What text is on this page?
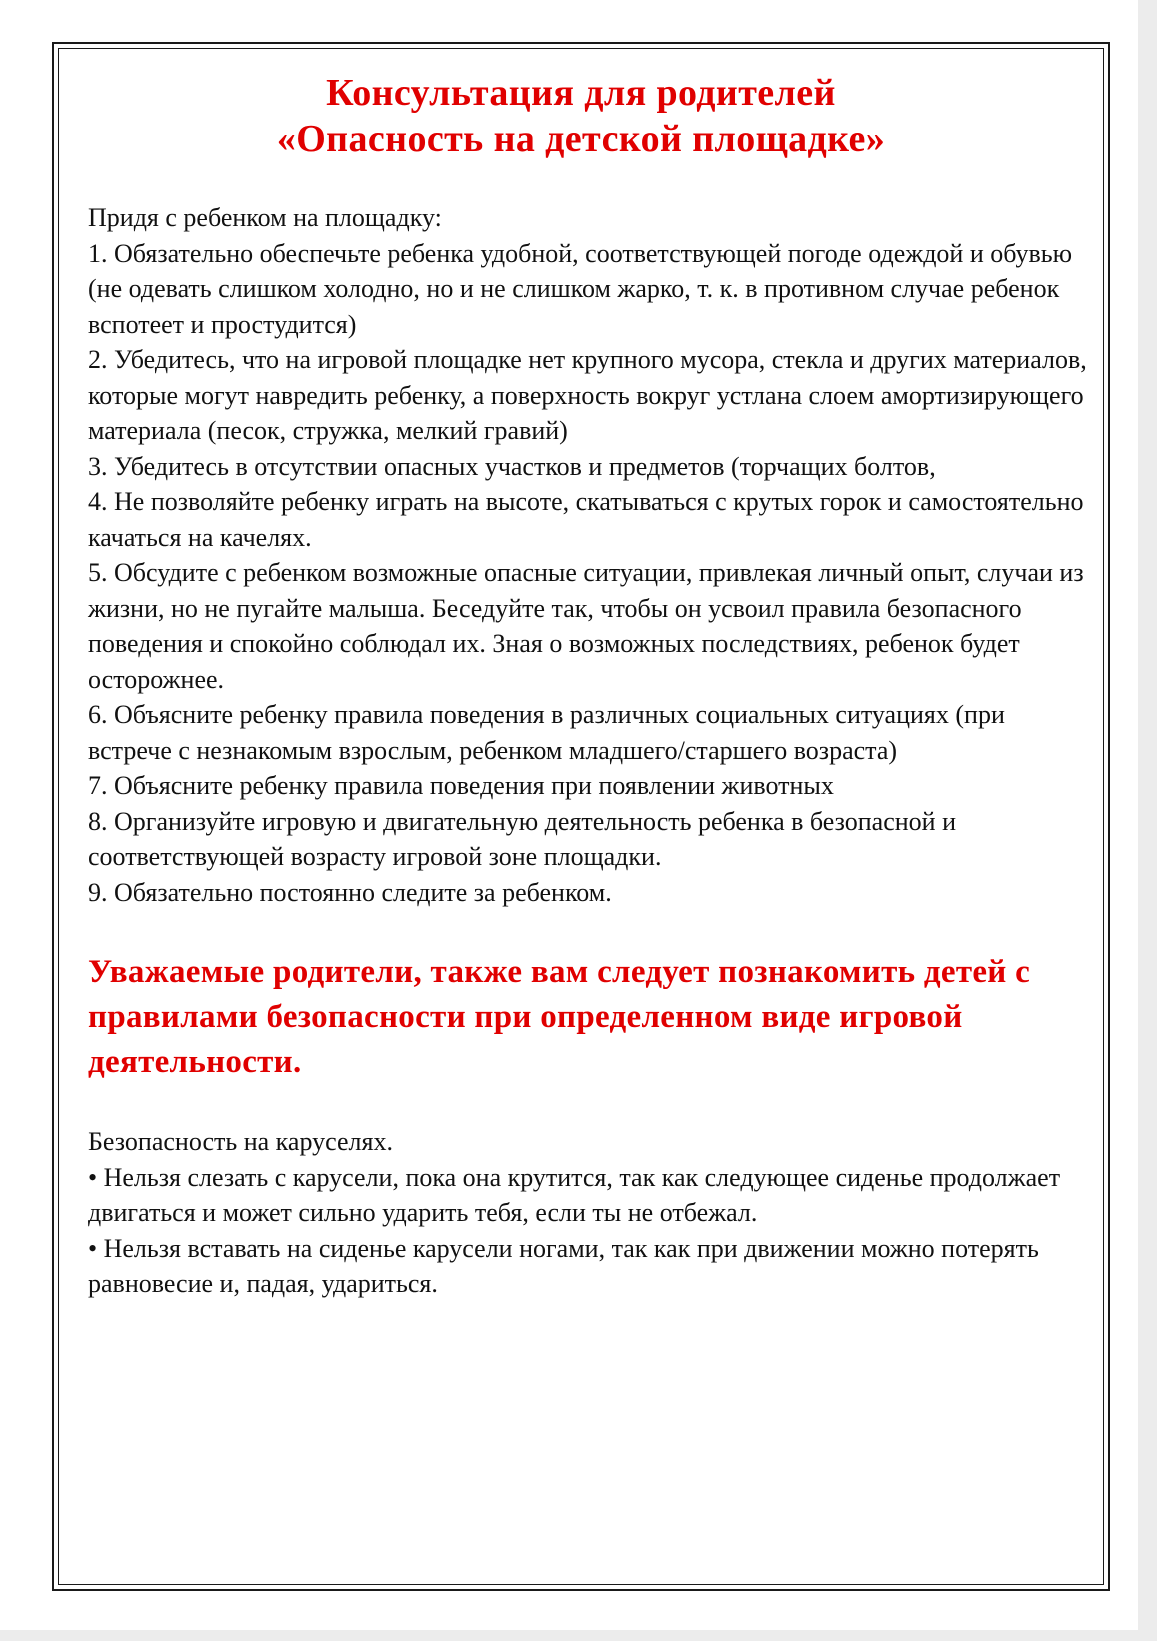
Консультация для родителей
«Опасность на детской площадке»

Придя с ребенком на площадку:

1. Обязательно обеспечьте ребенка удобной, соответствующей погоде одеждой и обувью (не одевать слишком холодно, но и не слишком жарко, т. к. в противном случае ребенок вспотеет и простудится)

2. Убедитесь, что на игровой площадке нет крупного мусора, стекла и других материалов, которые могут навредить ребенку, а поверхность вокруг устлана слоем амортизирующего материала (песок, стружка, мелкий гравий)

3. Убедитесь в отсутствии опасных участков и предметов (торчащих болтов,

4. Не позволяйте ребенку играть на высоте, скатываться с крутых горок и самостоятельно качаться на качелях.

5. Обсудите с ребенком возможные опасные ситуации, привлекая личный опыт, случаи из жизни, но не пугайте малыша. Беседуйте так, чтобы он усвоил правила безопасного поведения и спокойно соблюдал их. Зная о возможных последствиях, ребенок будет осторожнее.

6. Объясните ребенку правила поведения в различных социальных ситуациях (при встрече с незнакомым взрослым, ребенком младшего/старшего возраста)

7. Объясните ребенку правила поведения при появлении животных

8. Организуйте игровую и двигательную деятельность ребенка в безопасной и соответствующей возрасту игровой зоне площадки.

9. Обязательно постоянно следите за ребенком.

Уважаемые родители, также вам следует познакомить детей с правилами безопасности при определенном виде игровой деятельности.

Безопасность на каруселях.

• Нельзя слезать с карусели, пока она крутится, так как следующее сиденье продолжает двигаться и может сильно ударить тебя, если ты не отбежал.

• Нельзя вставать на сиденье карусели ногами, так как при движении можно потерять равновесие и, падая, удариться.
